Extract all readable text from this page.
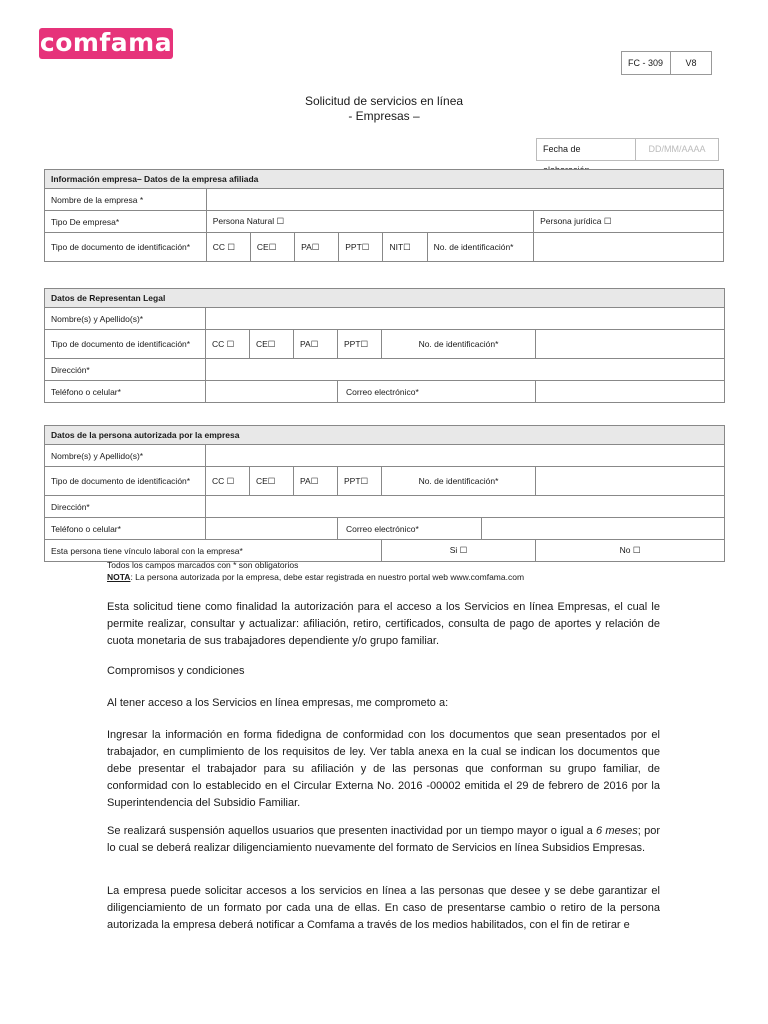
comfama
FC - 309	V8
Solicitud de servicios en línea
- Empresas –
Fecha de	DD/MM/AAAA
Información empresa– Datos de la empresa afiliada							
Nombre de la empresa *							
Tipo De empresa*	Persona Natural ☐						Persona jurídica ☐
Tipo de documento de identificación*	CC ☐	CE☐	PA☐	PPT☐	NIT☐	No. de identificación*	
Datos de Representan Legal						
Nombre(s) y Apellido(s)*						
Tipo de documento de identificación*	CC ☐	CE☐	PA☐	PPT☐	No. de identificación*	
Dirección*						
Teléfono o celular*				Correo electrónico*		
Datos de la persona autorizada por la empresa							
Nombre(s) y Apellido(s)*							
Tipo de documento de identificación*	CC ☐	CE☐	PA☐	PPT☐	No. de identificación*		
Dirección*							
Teléfono o celular*				Correo electrónico*			
Esta persona tiene vínculo laboral con la empresa*					Si ☐		No ☐
Todos los campos marcados con * son obligatorios
NOTA: La persona autorizada por la empresa, debe estar registrada en nuestro portal web www.comfama.com

Esta solicitud tiene como finalidad la autorización para el acceso a los Servicios en línea Empresas, el cual le permite realizar, consultar y actualizar: afiliación, retiro, certificados, consulta de pago de aportes y relación de cuota monetaria de sus trabajadores dependiente y/o grupo familiar.

Compromisos y condiciones

Al tener acceso a los Servicios en línea empresas, me comprometo a:

Ingresar la información en forma fidedigna de conformidad con los documentos que sean presentados por el trabajador, en cumplimiento de los requisitos de ley. Ver tabla anexa en la cual se indican los documentos que debe presentar el trabajador para su afiliación y de las personas que conforman su grupo familiar, de conformidad con lo establecido en el Circular Externa No. 2016 -00002 emitida el 29 de febrero de 2016 por la Superintendencia del Subsidio Familiar.

Se realizará suspensión aquellos usuarios que presenten inactividad por un tiempo mayor o igual a 6 meses; por lo cual se deberá realizar diligenciamiento nuevamente del formato de Servicios en línea Subsidios Empresas.

La empresa puede solicitar accesos a los servicios en línea a las personas que desee y se debe garantizar el diligenciamiento de un formato por cada una de ellas. En caso de presentarse cambio o retiro de la persona autorizada la empresa deberá notificar a Comfama a través de los medios habilitados, con el fin de retirar e
